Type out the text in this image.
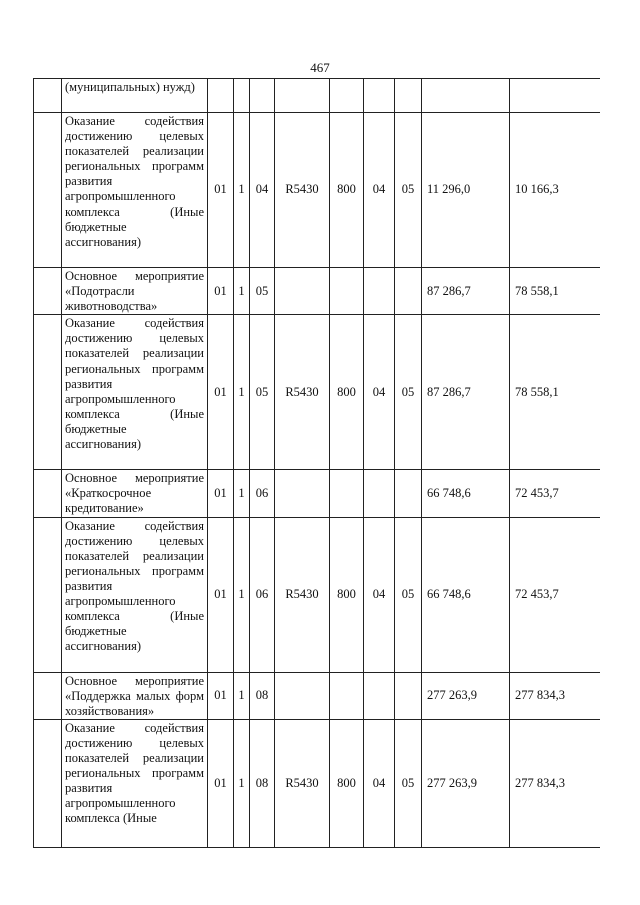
467
	(муниципальных) нужд)									
	Оказание содействия достижению целевых показателей реализации региональных программ развития агропромышленного комплекса (Иные бюджетные ассигнования)	01	1	04	R5430	800	04	05	11 296,0	10 166,3
	Основное мероприятие «Подотрасли животноводства»	01	1	05					87 286,7	78 558,1
	Оказание содействия достижению целевых показателей реализации региональных программ развития агропромышленного комплекса (Иные бюджетные ассигнования)	01	1	05	R5430	800	04	05	87 286,7	78 558,1
	Основное мероприятие «Краткосрочное кредитование»	01	1	06					66 748,6	72 453,7
	Оказание содействия достижению целевых показателей реализации региональных программ развития агропромышленного комплекса (Иные бюджетные ассигнования)	01	1	06	R5430	800	04	05	66 748,6	72 453,7
	Основное мероприятие «Поддержка малых форм хозяйствования»	01	1	08					277 263,9	277 834,3
	Оказание содействия достижению целевых показателей реализации региональных программ развития агропромышленного комплекса (Иные	01	1	08	R5430	800	04	05	277 263,9	277 834,3
